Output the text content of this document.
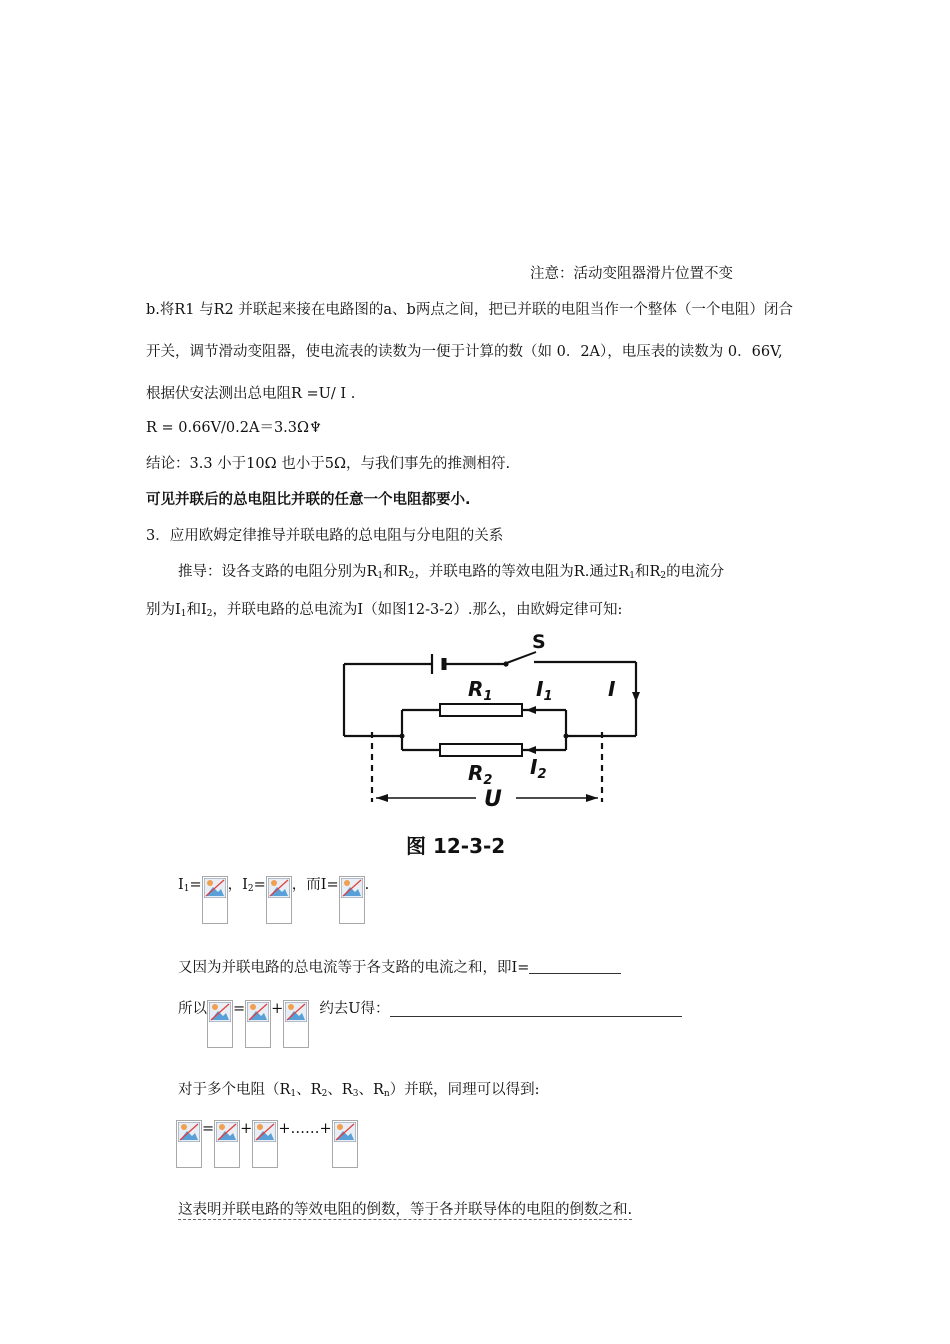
注意：活动变阻器滑片位置不变
b.将R1 与R2 并联起来接在电路图的a、b两点之间，把已并联的电阻当作一个整体（一个电阻）闭合
开关，调节滑动变阻器，使电流表的读数为一便于计算的数（如 0．2A），电压表的读数为 0．66V,
根据伏安法测出总电阻R =U/ I .
R = 0.66V/0.2A＝3.3Ω♆
结论：3.3 小于10Ω 也小于5Ω，与我们事先的推测相符.
可见并联后的总电阻比并联的任意一个电阻都要小.
3．应用欧姆定律推导并联电路的总电阻与分电阻的关系
推导：设各支路的电阻分别为$R_1$和$R_2$，并联电路的等效电阻为R.通过$R_1$和$R_2$的电流分
别为$I_1$和$I_2$，并联电路的总电流为I（如图12-3-2）.那么，由欧姆定律可知:
S
$R_1$ $I_1$	I
$R_2$
$I_2$
U
图 12-3-2
$I_1=$ ， $I_2=$ ，而I= .
又因为并联电路的总电流等于各支路的电流之和，即I=
所以 = + 约去U得：
对于多个电阻（$R_1$、$R_2$、$R_3$、$R_n$）并联，同理可以得到:
= + +……+
这表明并联电路的等效电阻的倒数，等于各并联导体的电阻的倒数之和.
